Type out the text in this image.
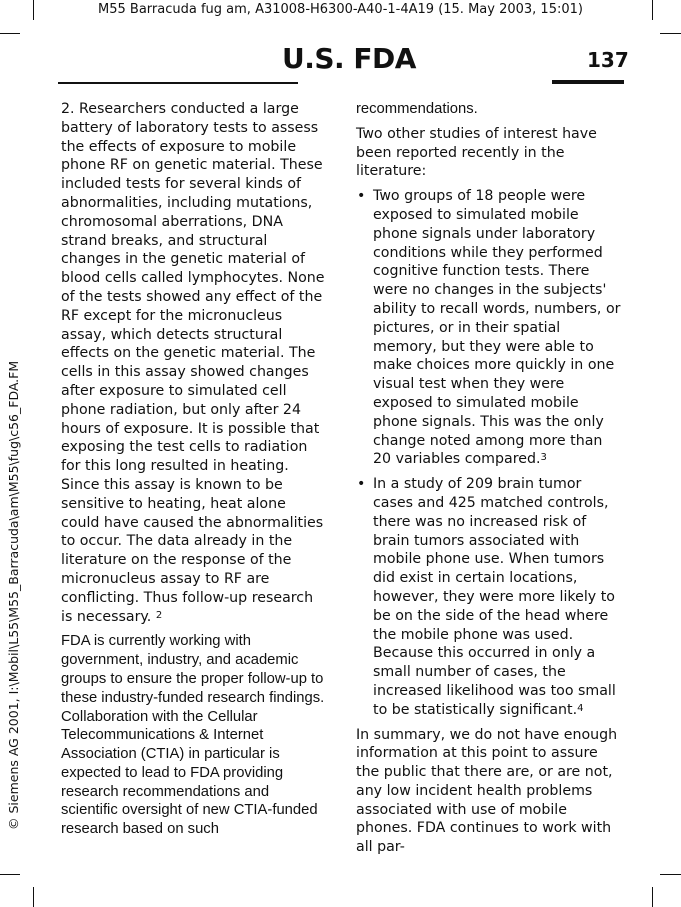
M55 Barracuda fug am, A31008-H6300-A40-1-4A19 (15. May 2003, 15:01)
U.S. FDA	137
© Siemens AG 2001, I:\Mobil\L55\M55_Barracuda\am\M55\fug\c56_FDA.FM

2. Researchers conducted a large battery of laboratory tests to assess the effects of exposure to mobile phone RF on genetic material. These included tests for several kinds of abnormalities, including mutations, chromosomal aberrations, DNA strand breaks, and structural changes in the genetic material of blood cells called lymphocytes. None of the tests showed any effect of the RF except for the micronucleus assay, which detects structural effects on the genetic material. The cells in this assay showed changes after exposure to simulated cell phone radiation, but only after 24 hours of exposure. It is possible that exposing the test cells to radiation for this long resulted in heating. Since this assay is known to be sensitive to heating, heat alone could have caused the abnormalities to occur. The data already in the literature on the response of the micronucleus assay to RF are conflicting. Thus follow-up research is necessary. $^2$

FDA is currently working with government, industry, and academic groups to ensure the proper follow-up to these industry-funded research findings. Collaboration with the Cellular Telecommunications & Internet Association (CTIA) in particular is expected to lead to FDA providing research recommendations and scientific oversight of new CTIA-funded research based on such

recommendations.

Two other studies of interest have been reported recently in the literature:

• Two groups of 18 people were exposed to simulated mobile phone signals under laboratory conditions while they performed cognitive function tests. There were no changes in the subjects' ability to recall words, numbers, or pictures, or in their spatial memory, but they were able to make choices more quickly in one visual test when they were exposed to simulated mobile phone signals. This was the only change noted among more than 20 variables compared.$^3$
• In a study of 209 brain tumor cases and 425 matched controls, there was no increased risk of brain tumors associated with mobile phone use. When tumors did exist in certain locations, however, they were more likely to be on the side of the head where the mobile phone was used. Because this occurred in only a small number of cases, the increased likelihood was too small to be statistically significant.$^4$

In summary, we do not have enough information at this point to assure the public that there are, or are not, any low incident health problems associated with use of mobile phones. FDA continues to work with all par-
